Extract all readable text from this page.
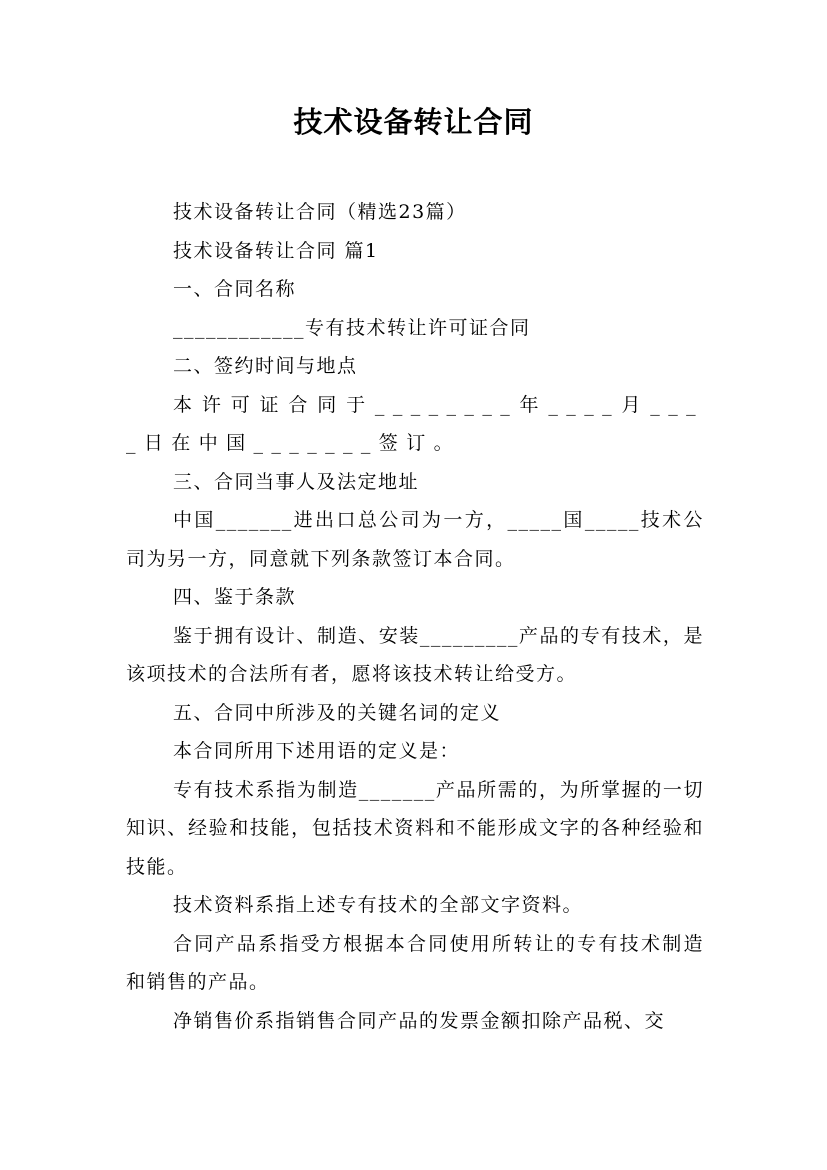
技术设备转让合同

技术设备转让合同（精选23篇）

技术设备转让合同 篇1

一、合同名称

____________专有技术转让许可证合同

二、签约时间与地点

本许可证合同于________年____月____日在中国_______签订。

三、合同当事人及法定地址

中国_______进出口总公司为一方，_____国_____技术公司为另一方，同意就下列条款签订本合同。

四、鉴于条款

鉴于拥有设计、制造、安装_________产品的专有技术，是该项技术的合法所有者，愿将该技术转让给受方。

五、合同中所涉及的关键名词的定义

本合同所用下述用语的定义是：

专有技术系指为制造_______产品所需的，为所掌握的一切知识、经验和技能，包括技术资料和不能形成文字的各种经验和技能。

技术资料系指上述专有技术的全部文字资料。

合同产品系指受方根据本合同使用所转让的专有技术制造和销售的产品。

净销售价系指销售合同产品的发票金额扣除产品税、交
